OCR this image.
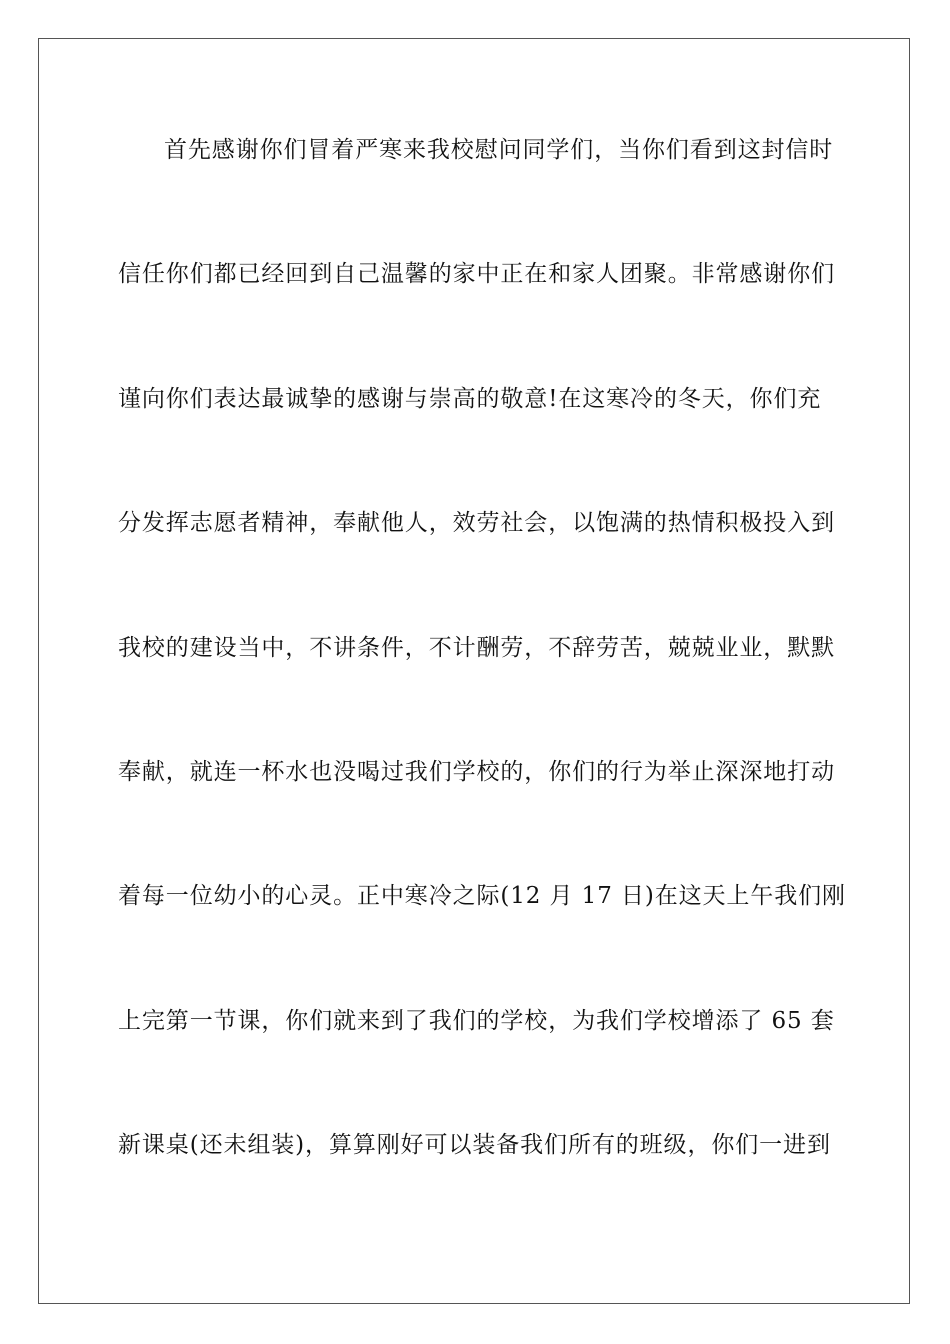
首先感谢你们冒着严寒来我校慰问同学们，当你们看到这封信时
信任你们都已经回到自己温馨的家中正在和家人团聚。非常感谢你们
谨向你们表达最诚挚的感谢与崇高的敬意!在这寒冷的冬天，你们充
分发挥志愿者精神，奉献他人，效劳社会，以饱满的热情积极投入到
我校的建设当中，不讲条件，不计酬劳，不辞劳苦，兢兢业业，默默
奉献，就连一杯水也没喝过我们学校的，你们的行为举止深深地打动
着每一位幼小的心灵。正中寒冷之际(12 月 17 日)在这天上午我们刚
上完第一节课，你们就来到了我们的学校，为我们学校增添了 65 套
新课桌(还未组装)，算算刚好可以装备我们所有的班级，你们一进到
